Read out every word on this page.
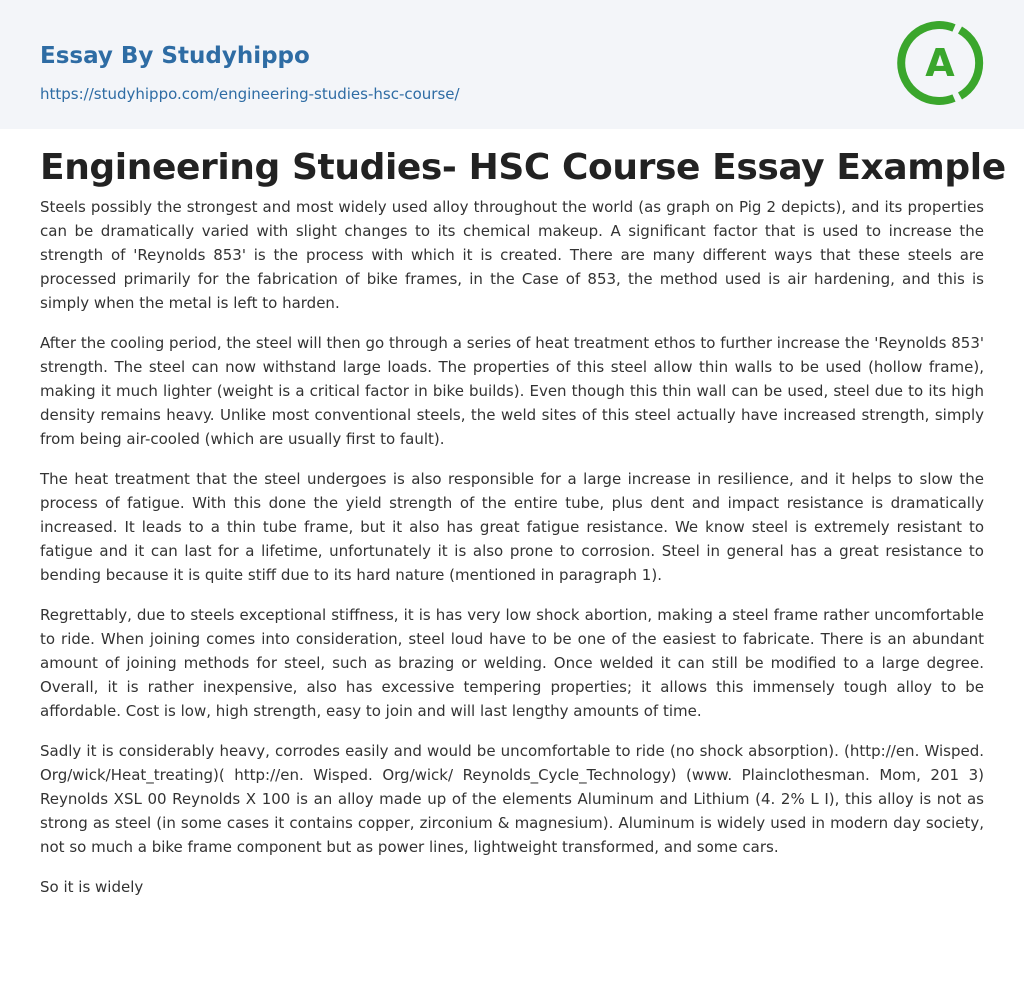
Essay By Studyhippo
https://studyhippo.com/engineering-studies-hsc-course/
A
Engineering Studies- HSC Course Essay Example

Steels possibly the strongest and most widely used alloy throughout the world (as graph on Pig 2 depicts), and its properties can be dramatically varied with slight changes to its chemical makeup. A significant factor that is used to increase the strength of 'Reynolds 853' is the process with which it is created. There are many different ways that these steels are processed primarily for the fabrication of bike frames, in the Case of 853, the method used is air hardening, and this is simply when the metal is left to harden.

After the cooling period, the steel will then go through a series of heat treatment ethos to further increase the 'Reynolds 853' strength. The steel can now withstand large loads. The properties of this steel allow thin walls to be used (hollow frame), making it much lighter (weight is a critical factor in bike builds). Even though this thin wall can be used, steel due to its high density remains heavy. Unlike most conventional steels, the weld sites of this steel actually have increased strength, simply from being air-cooled (which are usually first to fault).

The heat treatment that the steel undergoes is also responsible for a large increase in resilience, and it helps to slow the process of fatigue. With this done the yield strength of the entire tube, plus dent and impact resistance is dramatically increased. It leads to a thin tube frame, but it also has great fatigue resistance. We know steel is extremely resistant to fatigue and it can last for a lifetime, unfortunately it is also prone to corrosion. Steel in general has a great resistance to bending because it is quite stiff due to its hard nature (mentioned in paragraph 1).

Regrettably, due to steels exceptional stiffness, it is has very low shock abortion, making a steel frame rather uncomfortable to ride. When joining comes into consideration, steel loud have to be one of the easiest to fabricate. There is an abundant amount of joining methods for steel, such as brazing or welding. Once welded it can still be modified to a large degree. Overall, it is rather inexpensive, also has excessive tempering properties; it allows this immensely tough alloy to be affordable. Cost is low, high strength, easy to join and will last lengthy amounts of time.

Sadly it is considerably heavy, corrodes easily and would be uncomfortable to ride (no shock absorption). (http://en. Wisped. Org/wick/Heat_treating)( http://en. Wisped. Org/wick/ Reynolds_Cycle_Technology) (www. Plainclothesman. Mom, 201 3) Reynolds XSL 00 Reynolds X 100 is an alloy made up of the elements Aluminum and Lithium (4. 2% L I), this alloy is not as strong as steel (in some cases it contains copper, zirconium & magnesium). Aluminum is widely used in modern day society, not so much a bike frame component but as power lines, lightweight transformed, and some cars.

So it is widely
